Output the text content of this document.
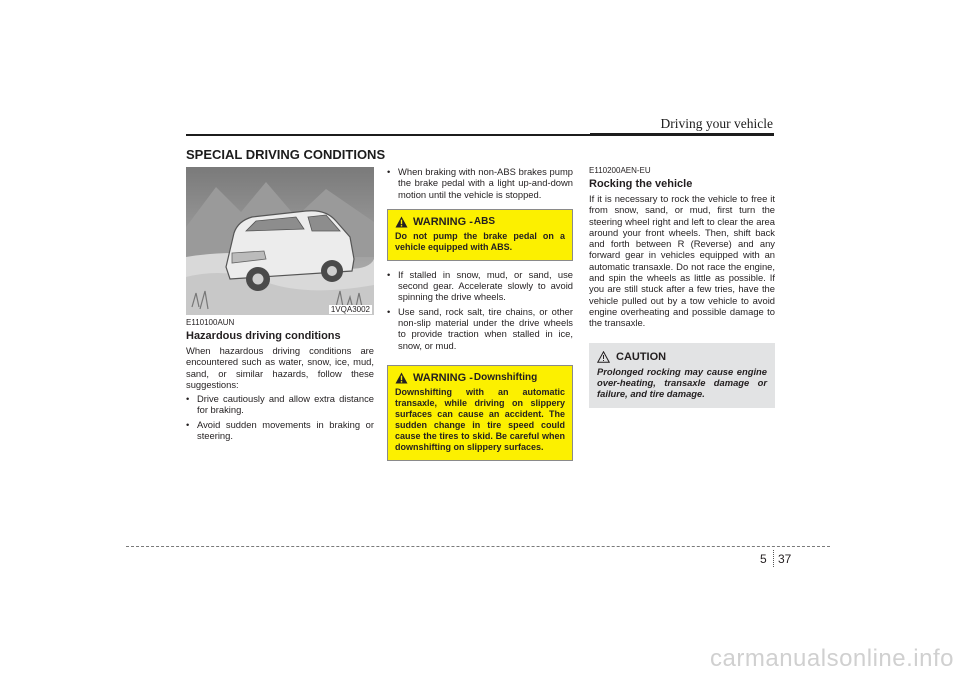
Driving your vehicle
SPECIAL DRIVING CONDITIONS
1VQA3002
E110100AUN
Hazardous driving conditions
When hazardous driving conditions are encountered such as water, snow, ice, mud, sand, or similar hazards, follow these suggestions:
• Drive cautiously and allow extra distance for braking.
• Avoid sudden movements in braking or steering.
• When braking with non-ABS brakes pump the brake pedal with a light up-and-down motion until the vehicle is stopped.
WARNING - ABS
Do not pump the brake pedal on a vehicle equipped with ABS.
• If stalled in snow, mud, or sand, use second gear. Accelerate slowly to avoid spinning the drive wheels.
• Use sand, rock salt, tire chains, or other non-slip material under the drive wheels to provide traction when stalled in ice, snow, or mud.
WARNING - Downshifting
Downshifting with an automatic transaxle, while driving on slippery surfaces can cause an accident. The sudden change in tire speed could cause the tires to skid. Be careful when downshifting on slippery surfaces.
E110200AEN-EU
Rocking the vehicle
If it is necessary to rock the vehicle to free it from snow, sand, or mud, first turn the steering wheel right and left to clear the area around your front wheels. Then, shift back and forth between R (Reverse) and any forward gear in vehicles equipped with an automatic transaxle. Do not race the engine, and spin the wheels as little as possible. If you are still stuck after a few tries, have the vehicle pulled out by a tow vehicle to avoid engine overheating and possible damage to the transaxle.
CAUTION
Prolonged rocking may cause engine over-heating, transaxle damage or failure, and tire damage.
5 37
carmanualsonline.info
